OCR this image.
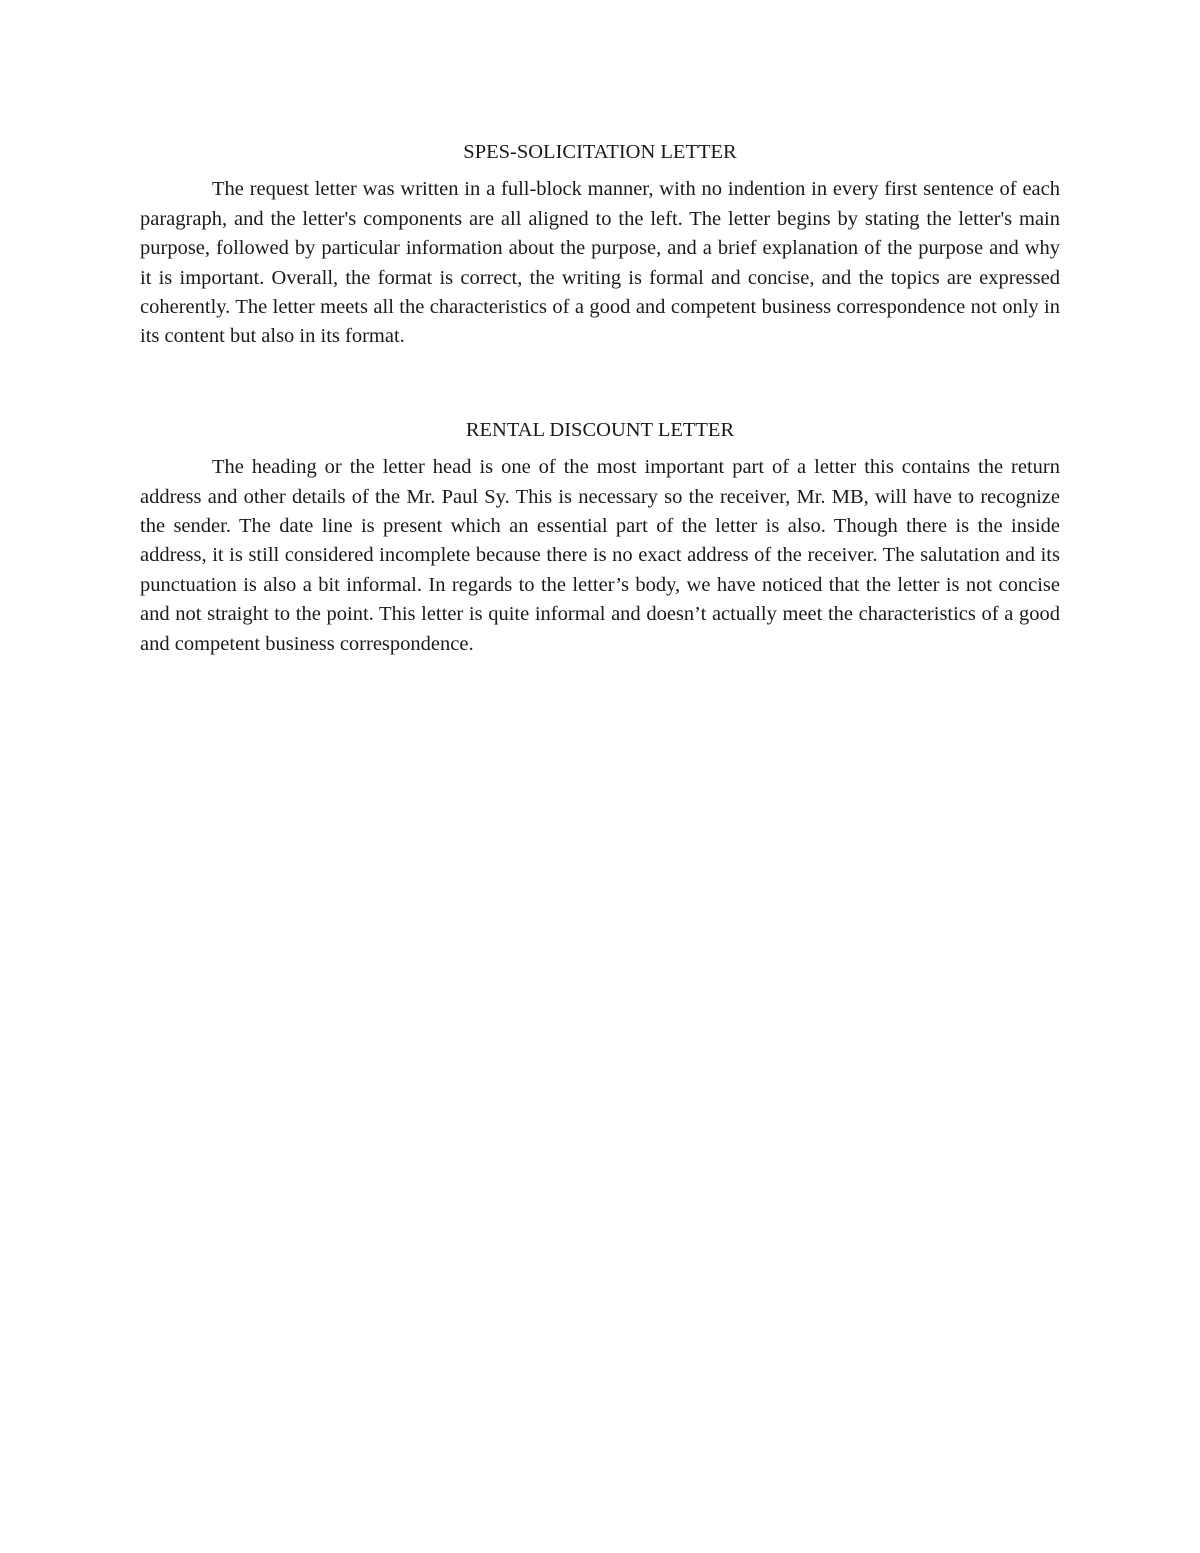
SPES-SOLICITATION LETTER

The request letter was written in a full-block manner, with no indention in every first sentence of each paragraph, and the letter's components are all aligned to the left. The letter begins by stating the letter's main purpose, followed by particular information about the purpose, and a brief explanation of the purpose and why it is important. Overall, the format is correct, the writing is formal and concise, and the topics are expressed coherently. The letter meets all the characteristics of a good and competent business correspondence not only in its content but also in its format.

RENTAL DISCOUNT LETTER

The heading or the letter head is one of the most important part of a letter this contains the return address and other details of the Mr. Paul Sy. This is necessary so the receiver, Mr. MB, will have to recognize the sender. The date line is present which an essential part of the letter is also. Though there is the inside address, it is still considered incomplete because there is no exact address of the receiver. The salutation and its punctuation is also a bit informal. In regards to the letter’s body, we have noticed that the letter is not concise and not straight to the point. This letter is quite informal and doesn’t actually meet the characteristics of a good and competent business correspondence.
